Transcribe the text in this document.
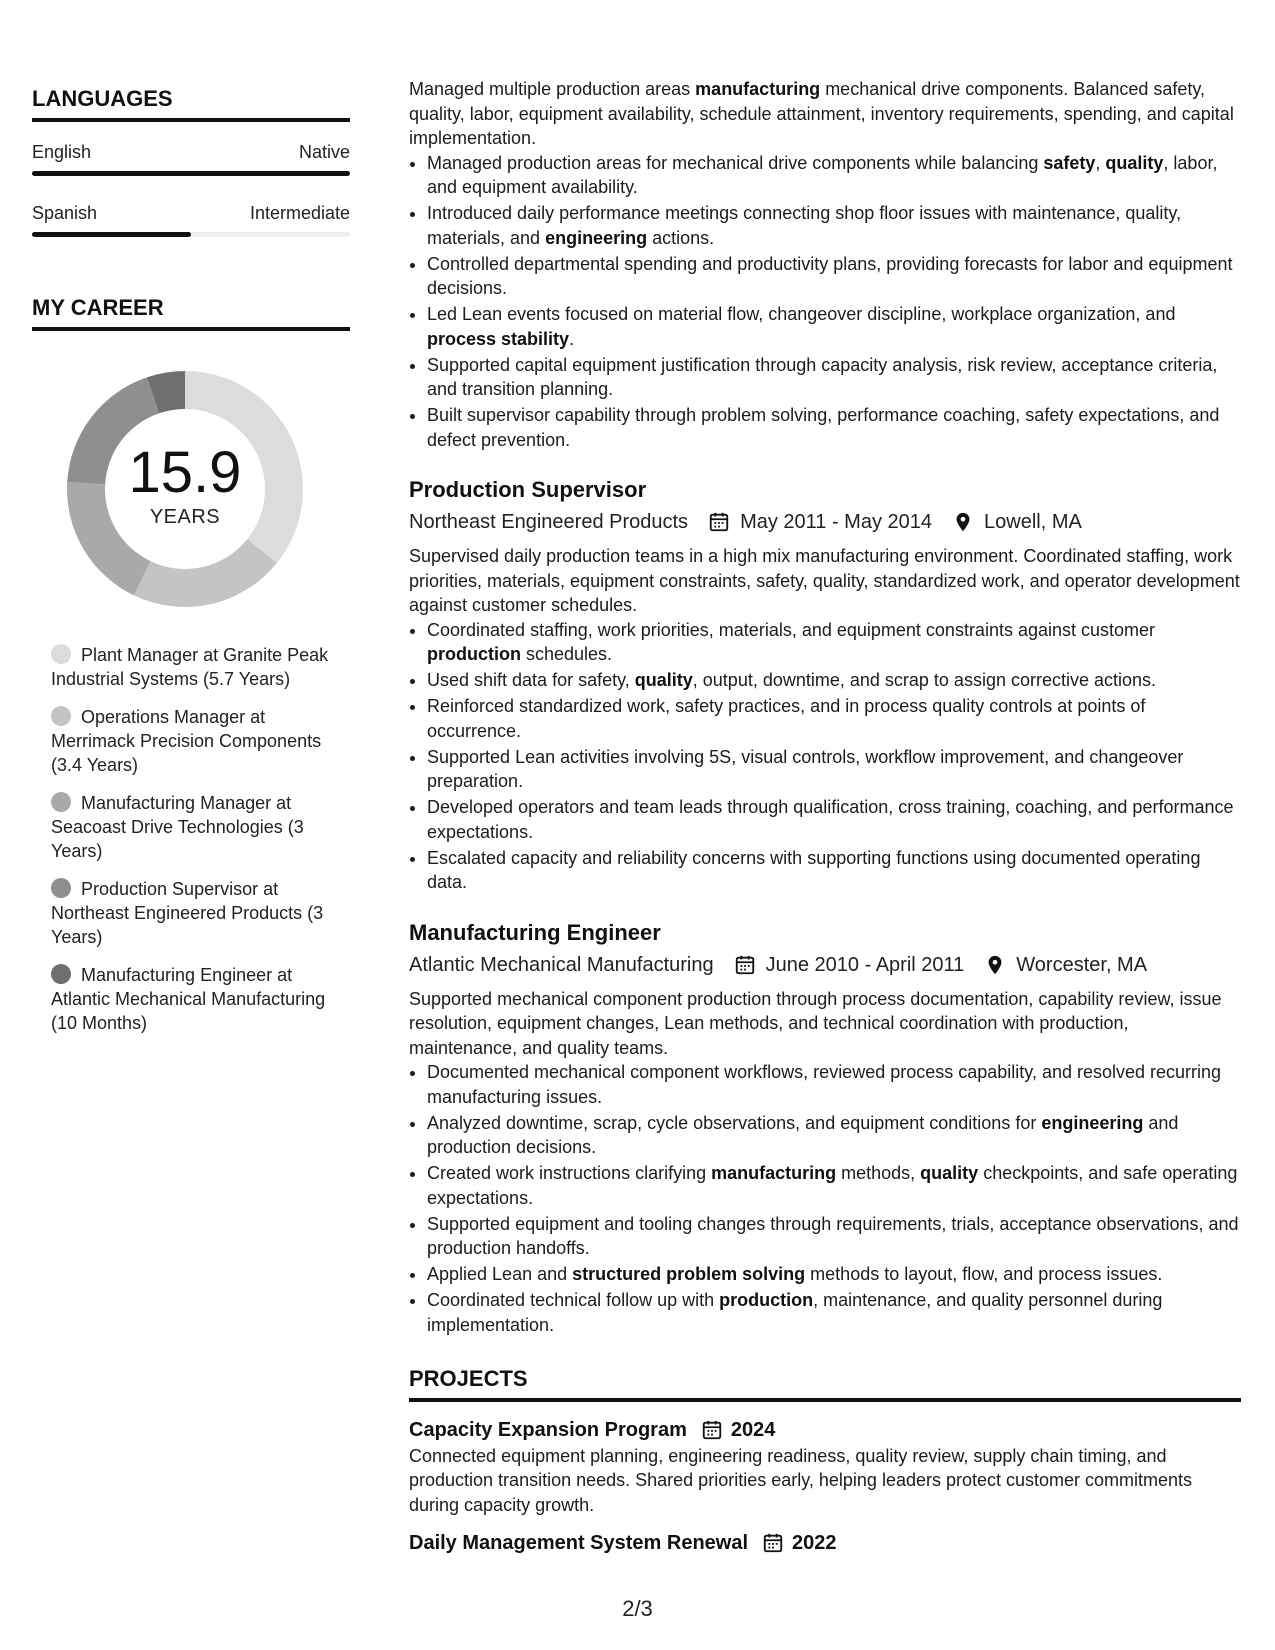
LANGUAGES
English	Native
Spanish	Intermediate
MY CAREER
15.9
YEARS
Plant Manager at Granite Peak Industrial Systems (5.7 Years)
Operations Manager at Merrimack Precision Components (3.4 Years)
Manufacturing Manager at Seacoast Drive Technologies (3 Years)
Production Supervisor at Northeast Engineered Products (3 Years)
Manufacturing Engineer at Atlantic Mechanical Manufacturing (10 Months)

Managed multiple production areas manufacturing mechanical drive components. Balanced safety, quality, labor, equipment availability, schedule attainment, inventory requirements, spending, and capital implementation.

• Managed production areas for mechanical drive components while balancing safety, quality, labor, and equipment availability.
• Introduced daily performance meetings connecting shop floor issues with maintenance, quality, materials, and engineering actions.
• Controlled departmental spending and productivity plans, providing forecasts for labor and equipment decisions.
• Led Lean events focused on material flow, changeover discipline, workplace organization, and process stability.
• Supported capital equipment justification through capacity analysis, risk review, acceptance criteria, and transition planning.
• Built supervisor capability through problem solving, performance coaching, safety expectations, and defect prevention.
Production Supervisor
Northeast Engineered Products	May 2011 - May 2014	Lowell, MA

Supervised daily production teams in a high mix manufacturing environment. Coordinated staffing, work priorities, materials, equipment constraints, safety, quality, standardized work, and operator development against customer schedules.

• Coordinated staffing, work priorities, materials, and equipment constraints against customer production schedules.
• Used shift data for safety, quality, output, downtime, and scrap to assign corrective actions.
• Reinforced standardized work, safety practices, and in process quality controls at points of occurrence.
• Supported Lean activities involving 5S, visual controls, workflow improvement, and changeover preparation.
• Developed operators and team leads through qualification, cross training, coaching, and performance expectations.
• Escalated capacity and reliability concerns with supporting functions using documented operating data.
Manufacturing Engineer
Atlantic Mechanical Manufacturing	June 2010 - April 2011	Worcester, MA

Supported mechanical component production through process documentation, capability review, issue resolution, equipment changes, Lean methods, and technical coordination with production, maintenance, and quality teams.

• Documented mechanical component workflows, reviewed process capability, and resolved recurring manufacturing issues.
• Analyzed downtime, scrap, cycle observations, and equipment conditions for engineering and production decisions.
• Created work instructions clarifying manufacturing methods, quality checkpoints, and safe operating expectations.
• Supported equipment and tooling changes through requirements, trials, acceptance observations, and production handoffs.
• Applied Lean and structured problem solving methods to layout, flow, and process issues.
• Coordinated technical follow up with production, maintenance, and quality personnel during implementation.
PROJECTS
Capacity Expansion Program 2024

Connected equipment planning, engineering readiness, quality review, supply chain timing, and production transition needs. Shared priorities early, helping leaders protect customer commitments during capacity growth.

Daily Management System Renewal 2022
2/3
